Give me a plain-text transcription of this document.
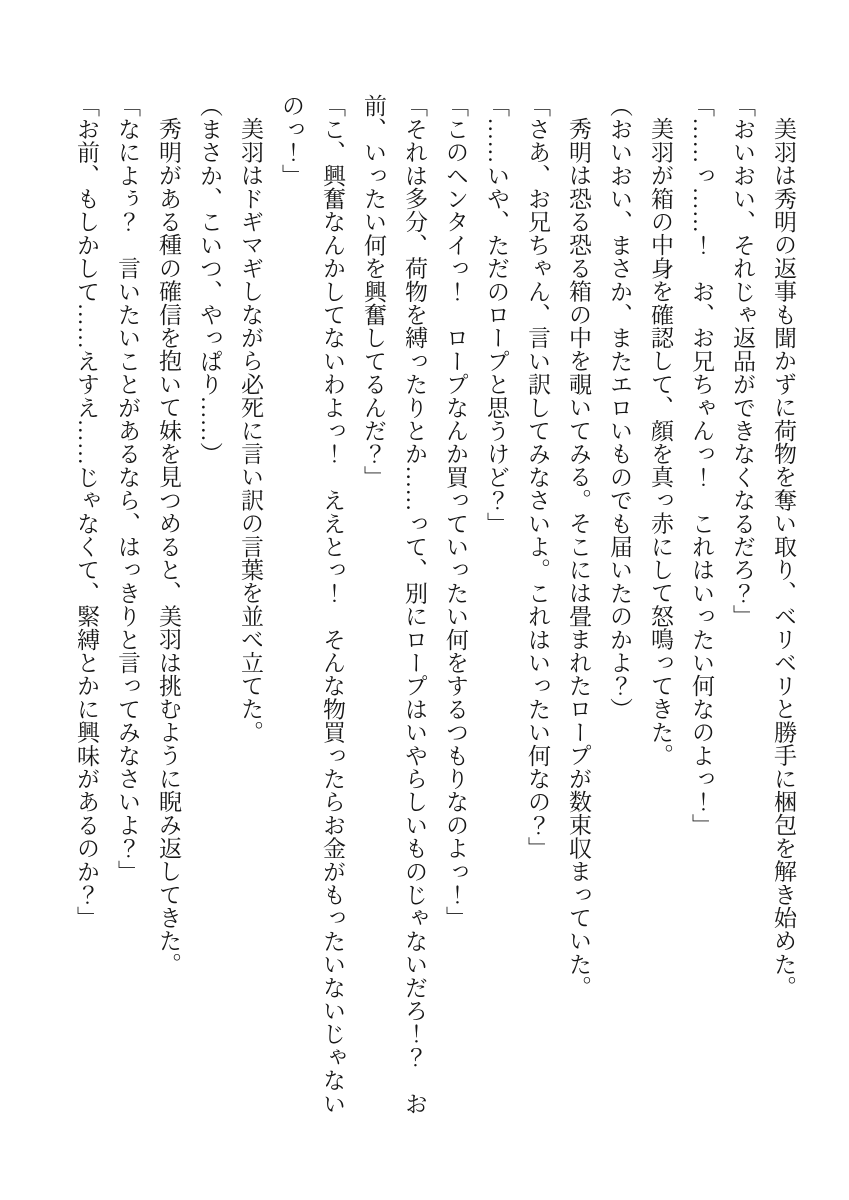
美羽は秀明の返事も聞かずに荷物を奪い取り、ベリベリと勝手に梱包を解き始めた。

「おいおい、それじゃ返品ができなくなるだろ？」

「……っ……！　お、お兄ちゃんっ！　これはいったい何なのよっ！」

美羽が箱の中身を確認して、顔を真っ赤にして怒鳴ってきた。

（おいおい、まさか、またエロいものでも届いたのかよ？）

秀明は恐る恐る箱の中を覗いてみる。そこには畳まれたロープが数束収まっていた。

「さあ、お兄ちゃん、言い訳してみなさいよ。これはいったい何なの？」

「……いや、ただのロープと思うけど？」

「このヘンタイっ！　ロープなんか買っていったい何をするつもりなのよっ！」

「それは多分、荷物を縛ったりとか……って、別にロープはいやらしいものじゃないだろ！？　お

前、いったい何を興奮してるんだ？」

「こ、興奮なんかしてないわよっ！　ええとっ！　そんな物買ったらお金がもったいないじゃない

のっ！」

美羽はドギマギしながら必死に言い訳の言葉を並べ立てた。

（まさか、こいつ、やっぱり……）

秀明がある種の確信を抱いて妹を見つめると、美羽は挑むように睨み返してきた。

「なによぅ？　言いたいことがあるなら、はっきりと言ってみなさいよ？」

「お前、もしかして……えすえ……じゃなくて、緊縛とかに興味があるのか？」
